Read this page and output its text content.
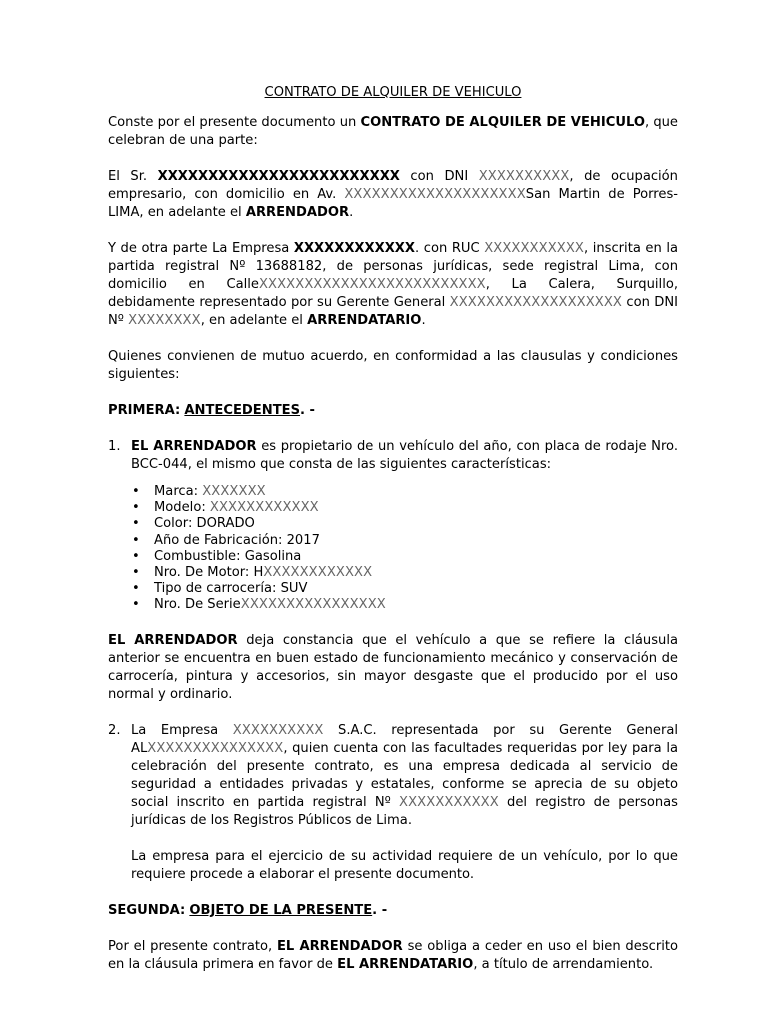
CONTRATO DE ALQUILER DE VEHICULO

Conste por el presente documento un CONTRATO DE ALQUILER DE VEHICULO, que celebran de una parte:

El Sr. XXXXXXXXXXXXXXXXXXXXXXXX con DNI XXXXXXXXXX, de ocupación empresario, con domicilio en Av. XXXXXXXXXXXXXXXXXXXXSan Martin de Porres-LIMA, en adelante el ARRENDADOR.

Y de otra parte La Empresa XXXXXXXXXXXX. con RUC XXXXXXXXXXX, inscrita en la partida registral Nº 13688182, de personas jurídicas, sede registral Lima, con domicilio en CalleXXXXXXXXXXXXXXXXXXXXXXXXX, La Calera, Surquillo, debidamente representado por su Gerente General XXXXXXXXXXXXXXXXXXX con DNI Nº XXXXXXXX, en adelante el ARRENDATARIO.

Quienes convienen de mutuo acuerdo, en conformidad a las clausulas y condiciones siguientes:

PRIMERA: ANTECEDENTES. -

1. EL ARRENDADOR es propietario de un vehículo del año, con placa de rodaje Nro. BCC-044, el mismo que consta de las siguientes características:
• Marca: XXXXXXX
• Modelo: XXXXXXXXXXXX
• Color: DORADO
• Año de Fabricación: 2017
• Combustible: Gasolina
• Nro. De Motor: HXXXXXXXXXXXX
• Tipo de carrocería: SUV
• Nro. De SerieXXXXXXXXXXXXXXXX

EL ARRENDADOR deja constancia que el vehículo a que se refiere la cláusula anterior se encuentra en buen estado de funcionamiento mecánico y conservación de carrocería, pintura y accesorios, sin mayor desgaste que el producido por el uso normal y ordinario.

2. La Empresa XXXXXXXXXX S.A.C. representada por su Gerente General ALXXXXXXXXXXXXXXX, quien cuenta con las facultades requeridas por ley para la celebración del presente contrato, es una empresa dedicada al servicio de seguridad a entidades privadas y estatales, conforme se aprecia de su objeto social inscrito en partida registral Nº XXXXXXXXXXX del registro de personas jurídicas de los Registros Públicos de Lima.
La empresa para el ejercicio de su actividad requiere de un vehículo, por lo que requiere procede a elaborar el presente documento.

SEGUNDA: OBJETO DE LA PRESENTE. -

Por el presente contrato, EL ARRENDADOR se obliga a ceder en uso el bien descrito en la cláusula primera en favor de EL ARRENDATARIO, a título de arrendamiento.
